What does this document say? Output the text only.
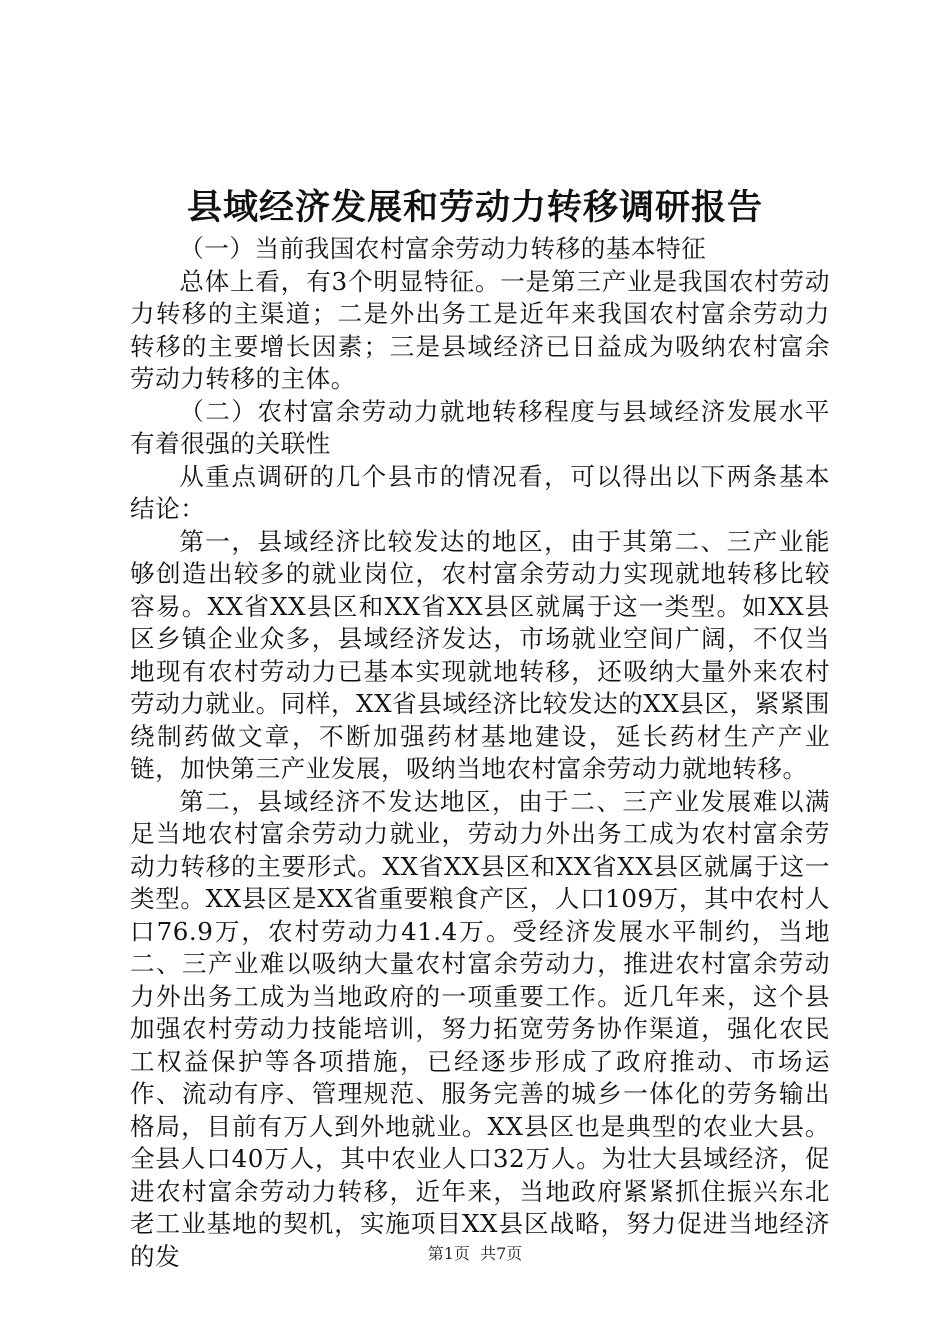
县域经济发展和劳动力转移调研报告

（一）当前我国农村富余劳动力转移的基本特征

总体上看，有3个明显特征。一是第三产业是我国农村劳动力转移的主渠道；二是外出务工是近年来我国农村富余劳动力转移的主要增长因素；三是县域经济已日益成为吸纳农村富余劳动力转移的主体。

（二）农村富余劳动力就地转移程度与县域经济发展水平有着很强的关联性

从重点调研的几个县市的情况看，可以得出以下两条基本结论：

第一，县域经济比较发达的地区，由于其第二、三产业能够创造出较多的就业岗位，农村富余劳动力实现就地转移比较容易。XX省XX县区和XX省XX县区就属于这一类型。如XX县区乡镇企业众多，县域经济发达，市场就业空间广阔，不仅当地现有农村劳动力已基本实现就地转移，还吸纳大量外来农村劳动力就业。同样，XX省县域经济比较发达的XX县区，紧紧围绕制药做文章，不断加强药材基地建设，延长药材生产产业链，加快第三产业发展，吸纳当地农村富余劳动力就地转移。

第二，县域经济不发达地区，由于二、三产业发展难以满足当地农村富余劳动力就业，劳动力外出务工成为农村富余劳动力转移的主要形式。XX省XX县区和XX省XX县区就属于这一类型。XX县区是XX省重要粮食产区，人口109万，其中农村人口76.9万，农村劳动力41.4万。受经济发展水平制约，当地二、三产业难以吸纳大量农村富余劳动力，推进农村富余劳动力外出务工成为当地政府的一项重要工作。近几年来，这个县加强农村劳动力技能培训，努力拓宽劳务协作渠道，强化农民工权益保护等各项措施，已经逐步形成了政府推动、市场运作、流动有序、管理规范、服务完善的城乡一体化的劳务输出格局，目前有万人到外地就业。XX县区也是典型的农业大县。全县人口40万人，其中农业人口32万人。为壮大县域经济，促进农村富余劳动力转移，近年来，当地政府紧紧抓住振兴东北老工业基地的契机，实施项目XX县区战略，努力促进当地经济的发	第1页  共7页
